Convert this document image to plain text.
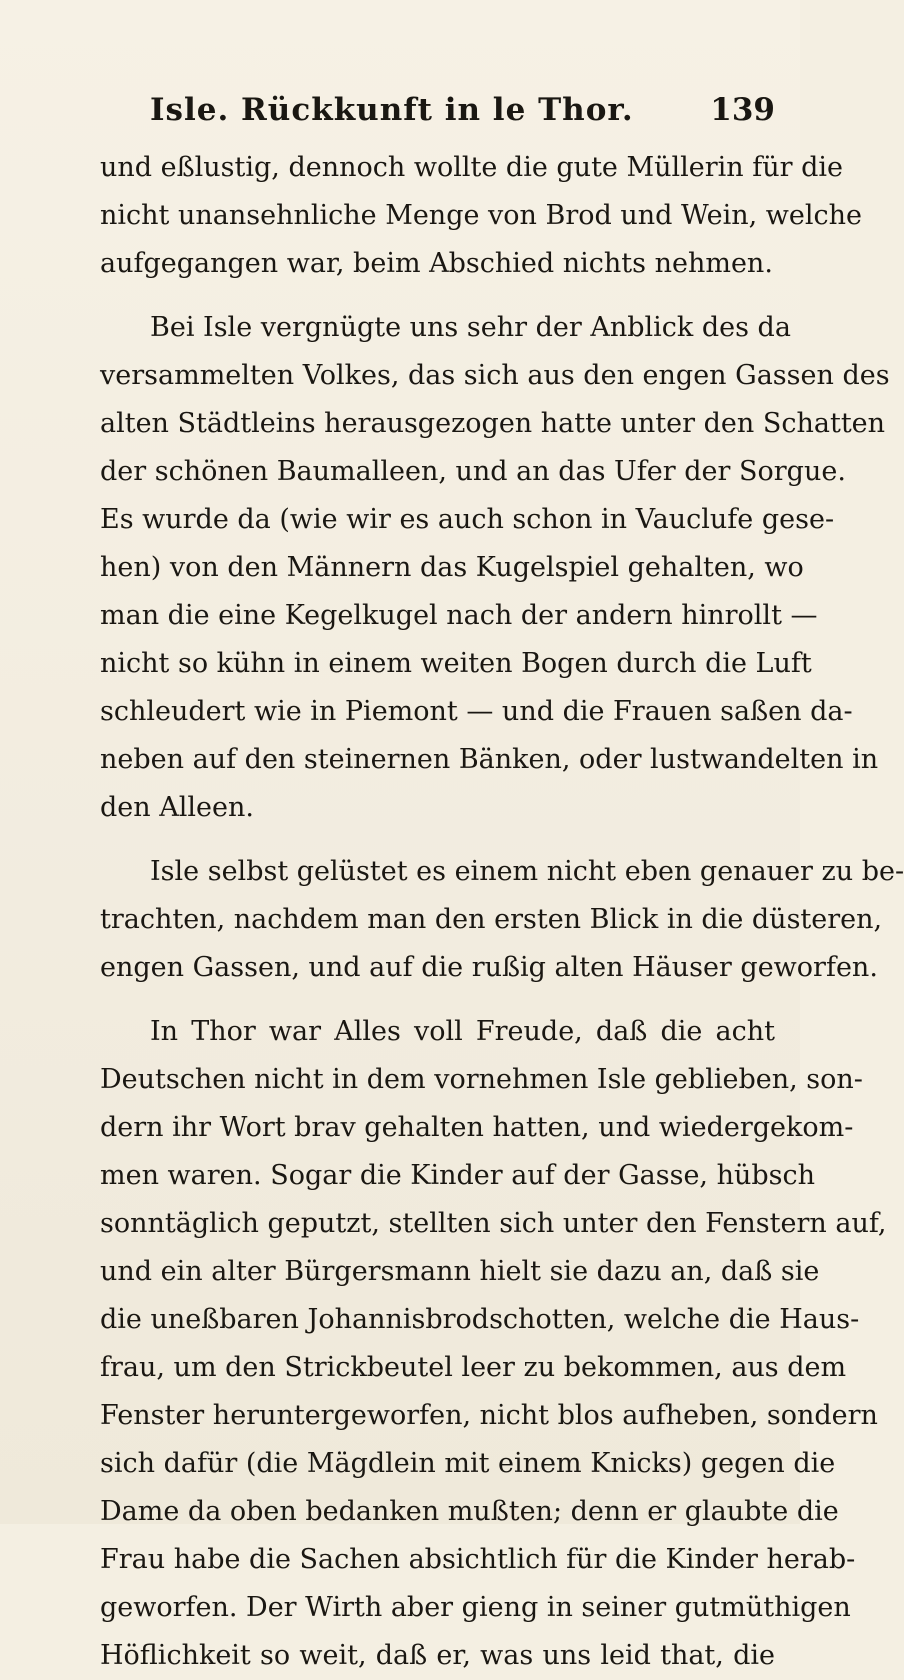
Isle. Rückkunft in le Thor. 139
und eßlustig, dennoch wollte die gute Müllerin für die
nicht unansehnliche Menge von Brod und Wein, welche
aufgegangen war, beim Abschied nichts nehmen.
Bei Isle vergnügte uns sehr der Anblick des da
versammelten Volkes, das sich aus den engen Gassen des
alten Städtleins herausgezogen hatte unter den Schatten
der schönen Baumalleen, und an das Ufer der Sorgue.
Es wurde da (wie wir es auch schon in Vauclufe gese-
hen) von den Männern das Kugelspiel gehalten, wo
man die eine Kegelkugel nach der andern hinrollt —
nicht so kühn in einem weiten Bogen durch die Luft
schleudert wie in Piemont — und die Frauen saßen da-
neben auf den steinernen Bänken, oder lustwandelten in
den Alleen.
Isle selbst gelüstet es einem nicht eben genauer zu be-
trachten, nachdem man den ersten Blick in die düsteren,
engen Gassen, und auf die rußig alten Häuser geworfen.
In Thor war Alles voll Freude, daß die acht
Deutschen nicht in dem vornehmen Isle geblieben, son-
dern ihr Wort brav gehalten hatten, und wiedergekom-
men waren. Sogar die Kinder auf der Gasse, hübsch
sonntäglich geputzt, stellten sich unter den Fenstern auf,
und ein alter Bürgersmann hielt sie dazu an, daß sie
die uneßbaren Johannisbrodschotten, welche die Haus-
frau, um den Strickbeutel leer zu bekommen, aus dem
Fenster heruntergeworfen, nicht blos aufheben, sondern
sich dafür (die Mägdlein mit einem Knicks) gegen die
Dame da oben bedanken mußten; denn er glaubte die
Frau habe die Sachen absichtlich für die Kinder herab-
geworfen. Der Wirth aber gieng in seiner gutmüthigen
Höflichkeit so weit, daß er, was uns leid that, die
